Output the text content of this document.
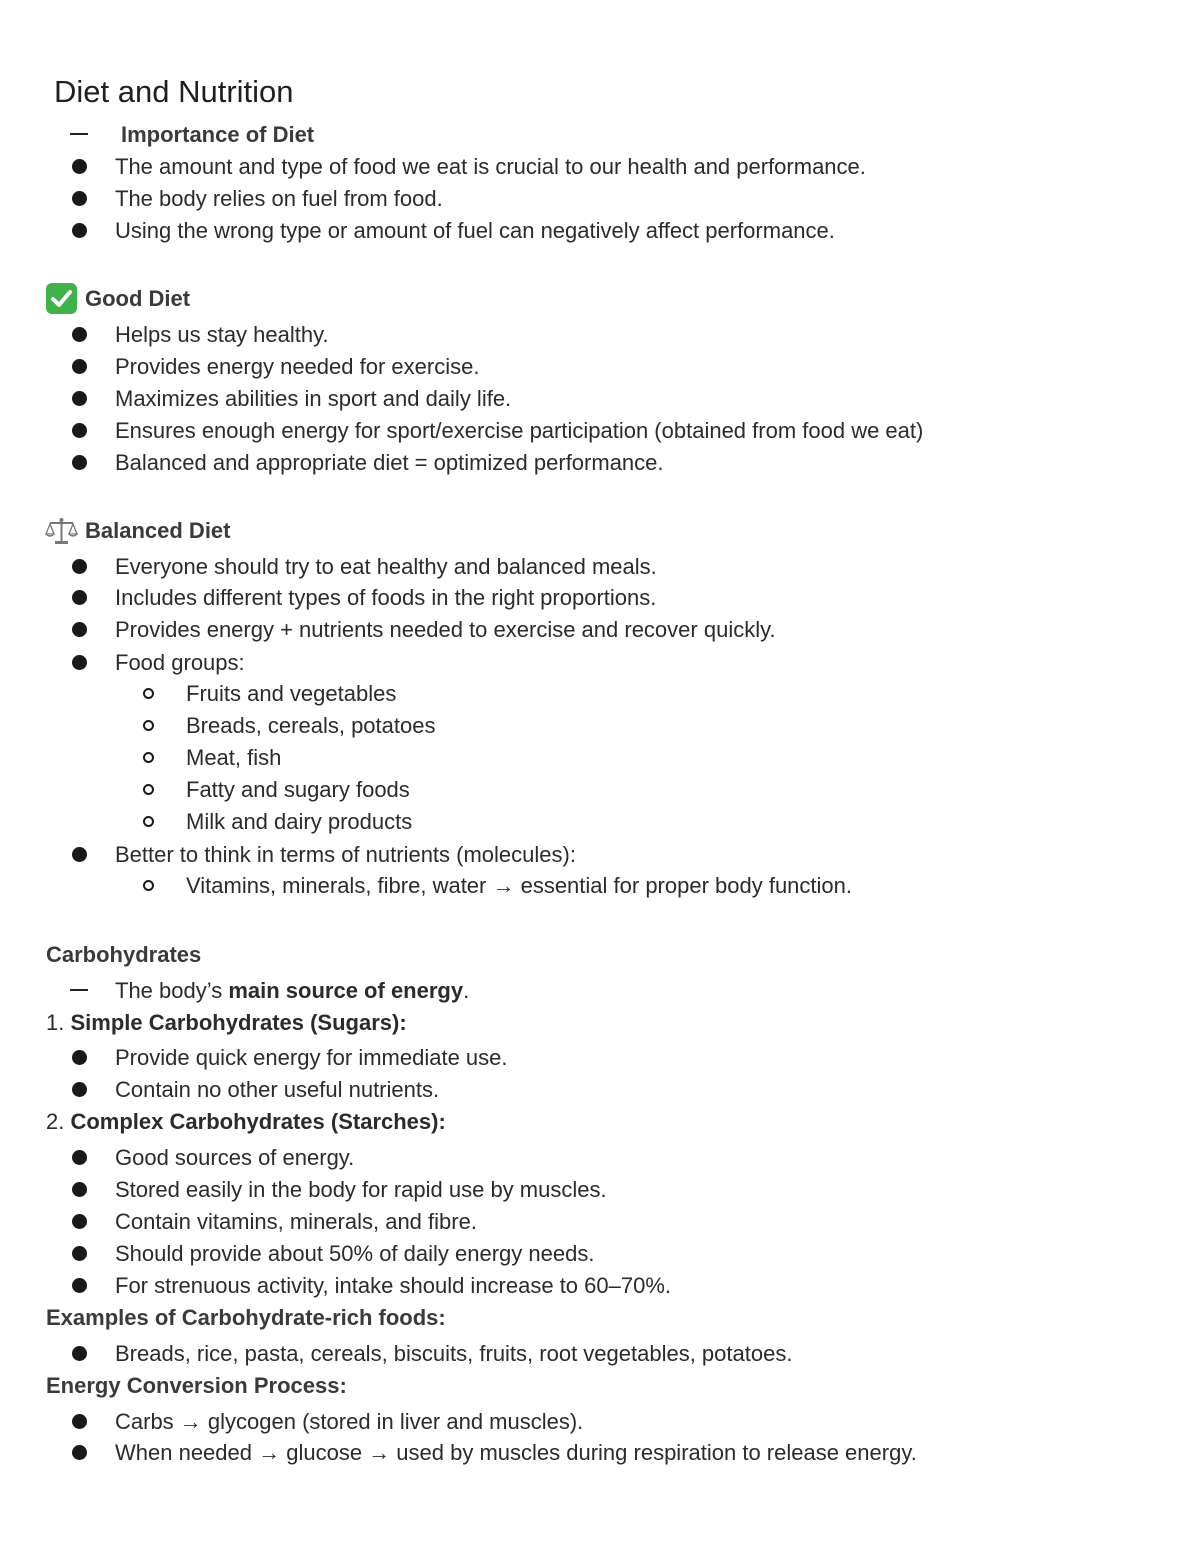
Diet and Nutrition
Importance of Diet
The amount and type of food we eat is crucial to our health and performance.
The body relies on fuel from food.
Using the wrong type or amount of fuel can negatively affect performance.
Good Diet
Helps us stay healthy.
Provides energy needed for exercise.
Maximizes abilities in sport and daily life.
Ensures enough energy for sport/exercise participation (obtained from food we eat)
Balanced and appropriate diet = optimized performance.
Balanced Diet
Everyone should try to eat healthy and balanced meals.
Includes different types of foods in the right proportions.
Provides energy + nutrients needed to exercise and recover quickly.
Food groups:
Fruits and vegetables
Breads, cereals, potatoes
Meat, fish
Fatty and sugary foods
Milk and dairy products
Better to think in terms of nutrients (molecules):
Vitamins, minerals, fibre, water → essential for proper body function.
Carbohydrates
The body’s main source of energy.
1. Simple Carbohydrates (Sugars):
Provide quick energy for immediate use.
Contain no other useful nutrients.
2. Complex Carbohydrates (Starches):
Good sources of energy.
Stored easily in the body for rapid use by muscles.
Contain vitamins, minerals, and fibre.
Should provide about 50% of daily energy needs.
For strenuous activity, intake should increase to 60–70%.
Examples of Carbohydrate-rich foods:
Breads, rice, pasta, cereals, biscuits, fruits, root vegetables, potatoes.
Energy Conversion Process:
Carbs → glycogen (stored in liver and muscles).
When needed → glucose → used by muscles during respiration to release energy.
